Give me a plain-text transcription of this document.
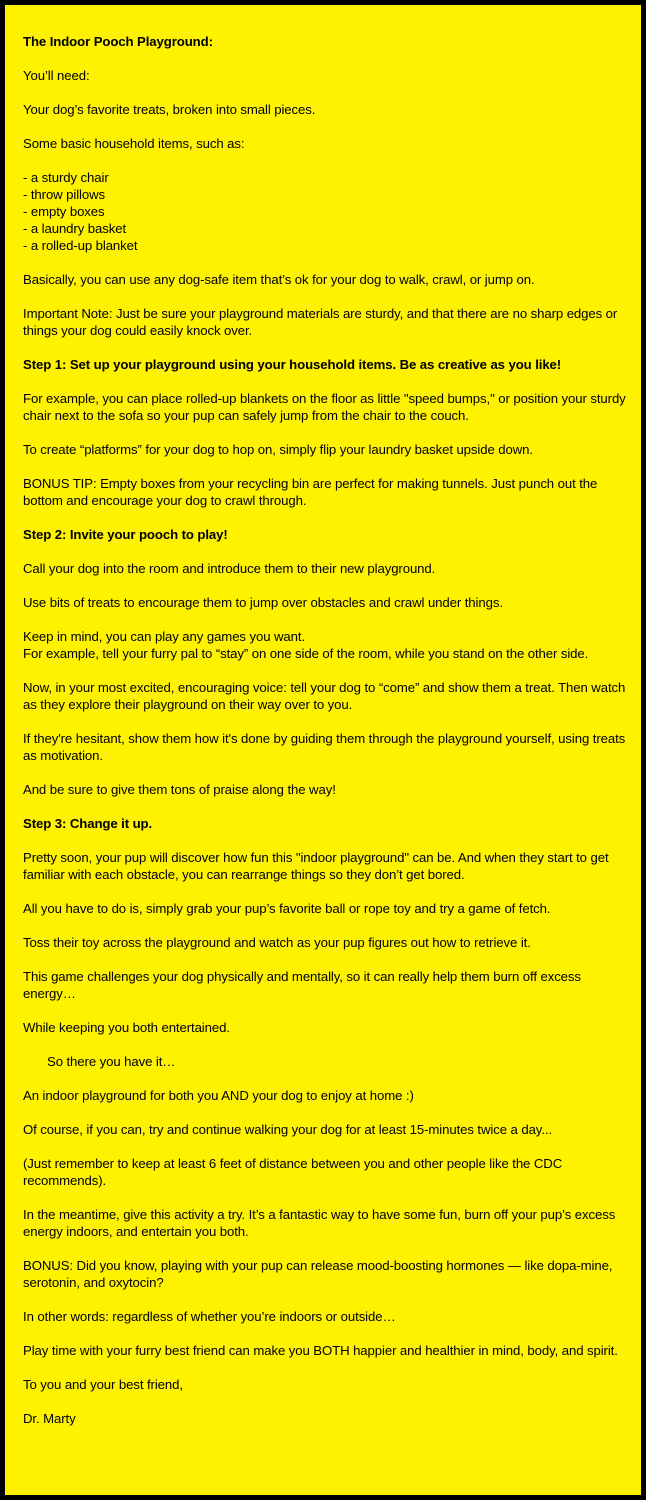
The Indoor Pooch Playground:
You’ll need:
Your dog’s favorite treats, broken into small pieces.
Some basic household items, such as:
- a sturdy chair
- throw pillows
- empty boxes
- a laundry basket
- a rolled-up blanket
Basically, you can use any dog-safe item that’s ok for your dog to walk, crawl, or jump on.
Important Note: Just be sure your playground materials are sturdy, and that there are no sharp edges or things your dog could easily knock over.
Step 1: Set up your playground using your household items. Be as creative as you like!
For example, you can place rolled-up blankets on the floor as little "speed bumps," or position your sturdy chair next to the sofa so your pup can safely jump from the chair to the couch.
To create “platforms” for your dog to hop on, simply flip your laundry basket upside down.
BONUS TIP: Empty boxes from your recycling bin are perfect for making tunnels. Just punch out the bottom and encourage your dog to crawl through.
Step 2: Invite your pooch to play!
Call your dog into the room and introduce them to their new playground.
Use bits of treats to encourage them to jump over obstacles and crawl under things.
Keep in mind, you can play any games you want.
For example, tell your furry pal to “stay” on one side of the room, while you stand on the other side.
Now, in your most excited, encouraging voice: tell your dog to “come” and show them a treat. Then watch as they explore their playground on their way over to you.
If they're hesitant, show them how it's done by guiding them through the playground yourself, using treats as motivation.
And be sure to give them tons of praise along the way!
Step 3: Change it up.
Pretty soon, your pup will discover how fun this "indoor playground" can be. And when they start to get familiar with each obstacle, you can rearrange things so they don’t get bored.
All you have to do is, simply grab your pup’s favorite ball or rope toy and try a game of fetch.
Toss their toy across the playground and watch as your pup figures out how to retrieve it.
This game challenges your dog physically and mentally, so it can really help them burn off excess energy…
While keeping you both entertained.
So there you have it…
An indoor playground for both you AND your dog to enjoy at home :)
Of course, if you can, try and continue walking your dog for at least 15-minutes twice a day...
(Just remember to keep at least 6 feet of distance between you and other people like the CDC recommends).
In the meantime, give this activity a try. It’s a fantastic way to have some fun, burn off your pup’s excess energy indoors, and entertain you both.
BONUS: Did you know, playing with your pup can release mood-boosting hormones — like dopa-mine, serotonin, and oxytocin?
In other words: regardless of whether you’re indoors or outside…
Play time with your furry best friend can make you BOTH happier and healthier in mind, body, and spirit.
To you and your best friend,
Dr. Marty
